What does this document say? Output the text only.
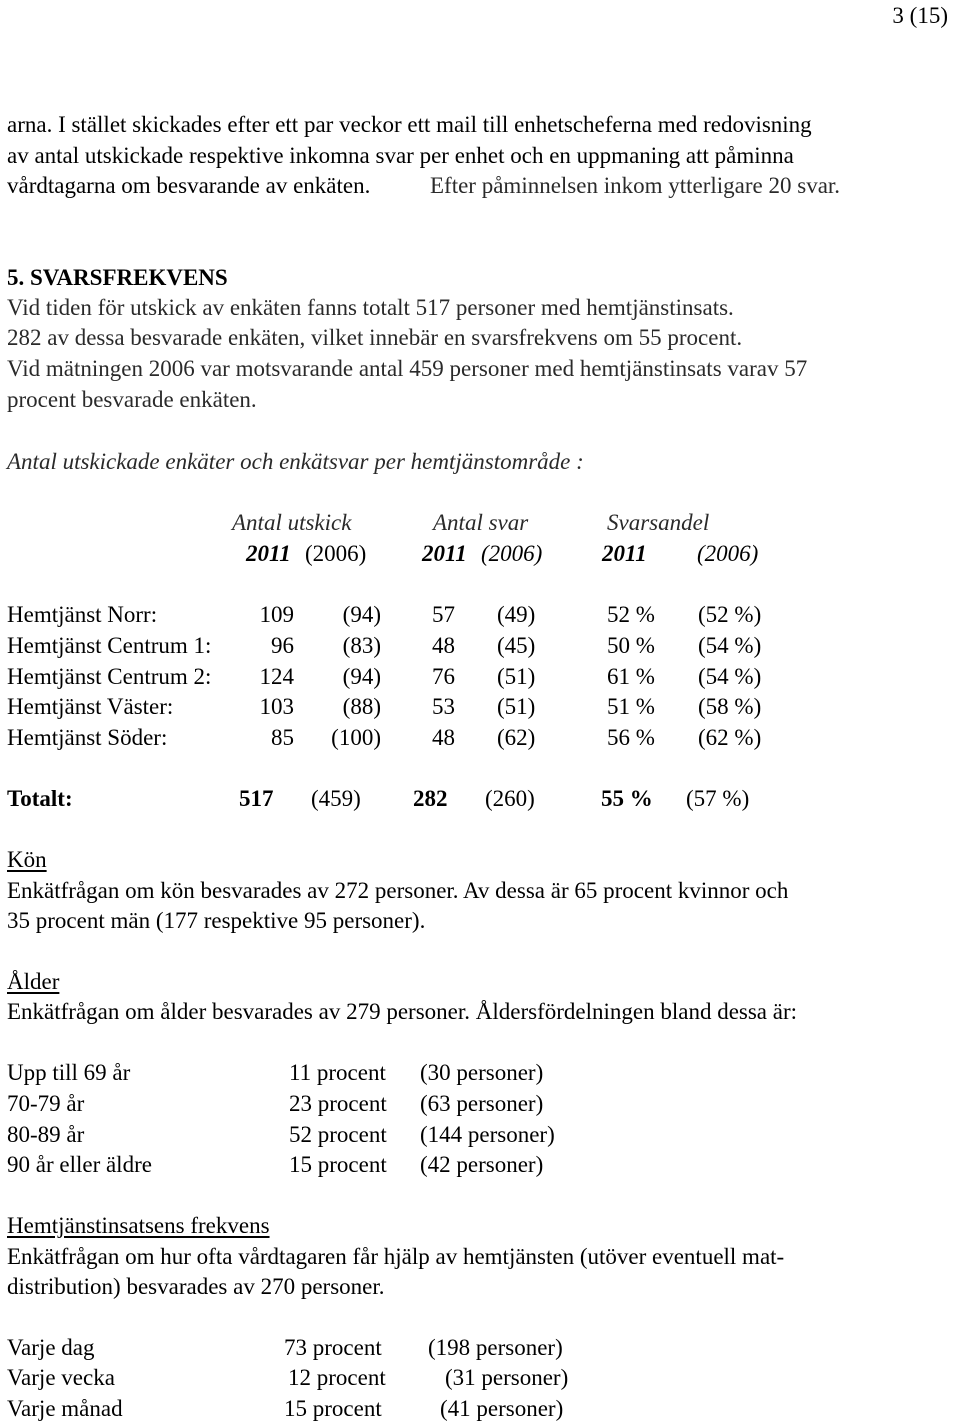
3 (15)
arna. I stället skickades efter ett par veckor ett mail till enhetscheferna med redovisning
av antal utskickade respektive inkomna svar per enhet och en uppmaning att påminna
vårdtagarna om besvarande av enkäten.	Efter påminnelsen inkom ytterligare 20 svar.
5. SVARSFREKVENS
Vid tiden för utskick av enkäten fanns totalt 517 personer med hemtjänstinsats.
282 av dessa besvarade enkäten, vilket innebär en svarsfrekvens om 55 procent.
Vid mätningen 2006 var motsvarande antal 459 personer med hemtjänstinsats varav 57
procent besvarade enkäten.
Antal utskickade enkäter och enkätsvar per hemtjänstområde :
Antal utskick	Antal svar	Svarsandel
2011 (2006) 2011 (2006)	2011 (2006)
Hemtjänst Norr:	109	(94) 57 (49)	52 % (52 %)
Hemtjänst Centrum 1:	96	(83) 48 (45)	50 % (54 %)
Hemtjänst Centrum 2:	124	(94) 76 (51)	61 % (54 %)
Hemtjänst Väster:	103	(88) 53 (51)	51 % (58 %)
Hemtjänst Söder:	85	(100) 48 (62)	56 % (62 %)
Totalt:	517 (459) 282 (260)	55 % (57 %)
Kön
Enkätfrågan om kön besvarades av 272 personer. Av dessa är 65 procent kvinnor och
35 procent män (177 respektive 95 personer).
Ålder
Enkätfrågan om ålder besvarades av 279 personer. Åldersfördelningen bland dessa är:
Upp till 69 år	11 procent (30 personer)
70-79 år	23 procent (63 personer)
80-89 år	52 procent (144 personer)
90 år eller äldre	15 procent (42 personer)
Hemtjänstinsatsens frekvens
Enkätfrågan om hur ofta vårdtagaren får hjälp av hemtjänsten (utöver eventuell mat-
distribution) besvarades av 270 personer.
Varje dag	73 procent (198 personer)
Varje vecka	12 procent	(31 personer)
Varje månad	15 procent	(41 personer)
